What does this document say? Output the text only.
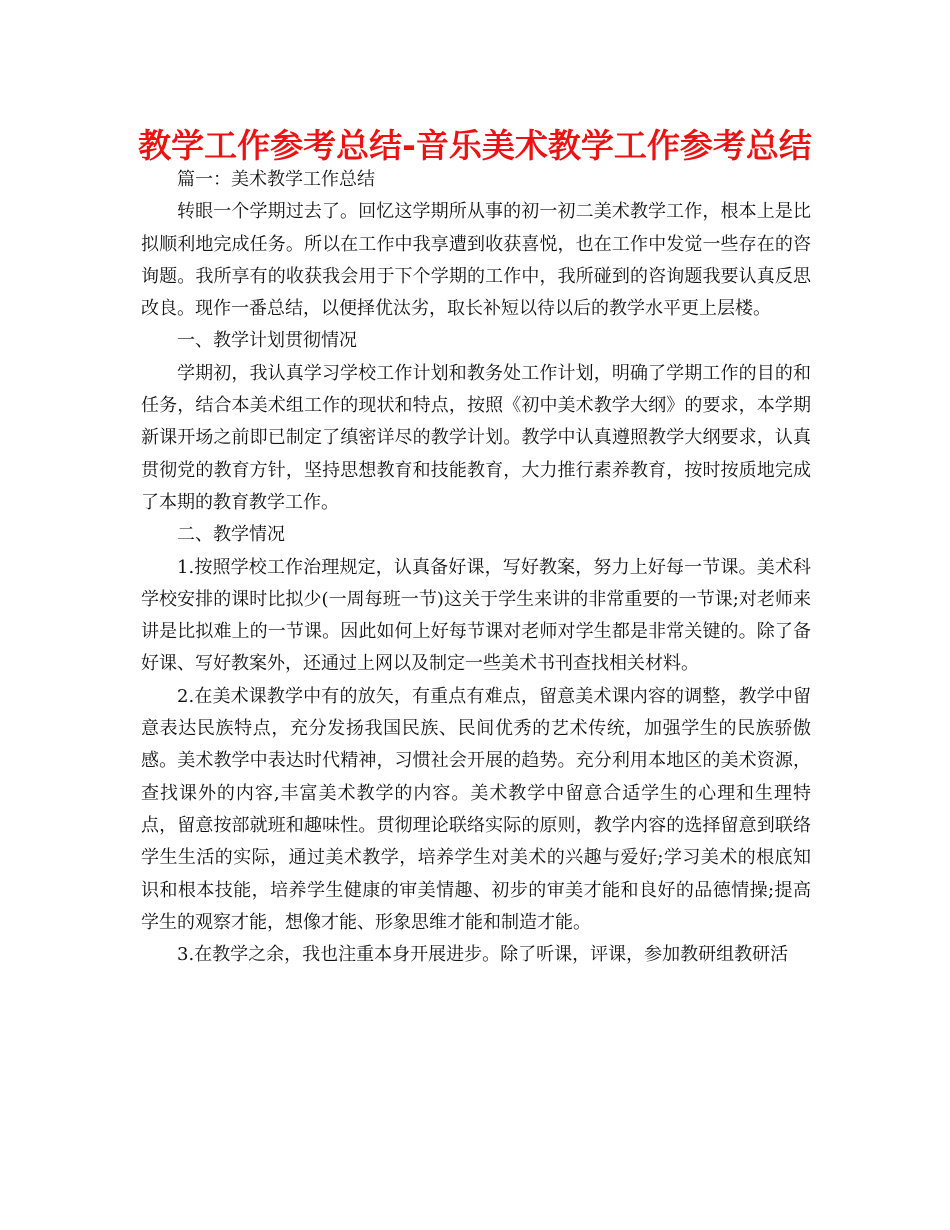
教学工作参考总结-音乐美术教学工作参考总结

篇一：美术教学工作总结

转眼一个学期过去了。回忆这学期所从事的初一初二美术教学工作，根本上是比拟顺利地完成任务。所以在工作中我享遭到收获喜悦，也在工作中发觉一些存在的咨询题。我所享有的收获我会用于下个学期的工作中，我所碰到的咨询题我要认真反思改良。现作一番总结，以便择优汰劣，取长补短以待以后的教学水平更上层楼。

一、教学计划贯彻情况

学期初，我认真学习学校工作计划和教务处工作计划，明确了学期工作的目的和任务，结合本美术组工作的现状和特点，按照《初中美术教学大纲》的要求，本学期新课开场之前即已制定了缜密详尽的教学计划。教学中认真遵照教学大纲要求，认真贯彻党的教育方针，坚持思想教育和技能教育，大力推行素养教育，按时按质地完成了本期的教育教学工作。

二、教学情况

1.按照学校工作治理规定，认真备好课，写好教案，努力上好每一节课。美术科学校安排的课时比拟少(一周每班一节)这关于学生来讲的非常重要的一节课;对老师来讲是比拟难上的一节课。因此如何上好每节课对老师对学生都是非常关键的。除了备好课、写好教案外，还通过上网以及制定一些美术书刊查找相关材料。

2.在美术课教学中有的放矢，有重点有难点，留意美术课内容的调整，教学中留意表达民族特点，充分发扬我国民族、民间优秀的艺术传统，加强学生的民族骄傲感。美术教学中表达时代精神，习惯社会开展的趋势。充分利用本地区的美术资源，查找课外的内容,丰富美术教学的内容。美术教学中留意合适学生的心理和生理特点，留意按部就班和趣味性。贯彻理论联络实际的原则，教学内容的选择留意到联络学生生活的实际，通过美术教学，培养学生对美术的兴趣与爱好;学习美术的根底知识和根本技能，培养学生健康的审美情趣、初步的审美才能和良好的品德情操;提高学生的观察才能，想像才能、形象思维才能和制造才能。

3.在教学之余，我也注重本身开展进步。除了听课，评课，参加教研组教研活
